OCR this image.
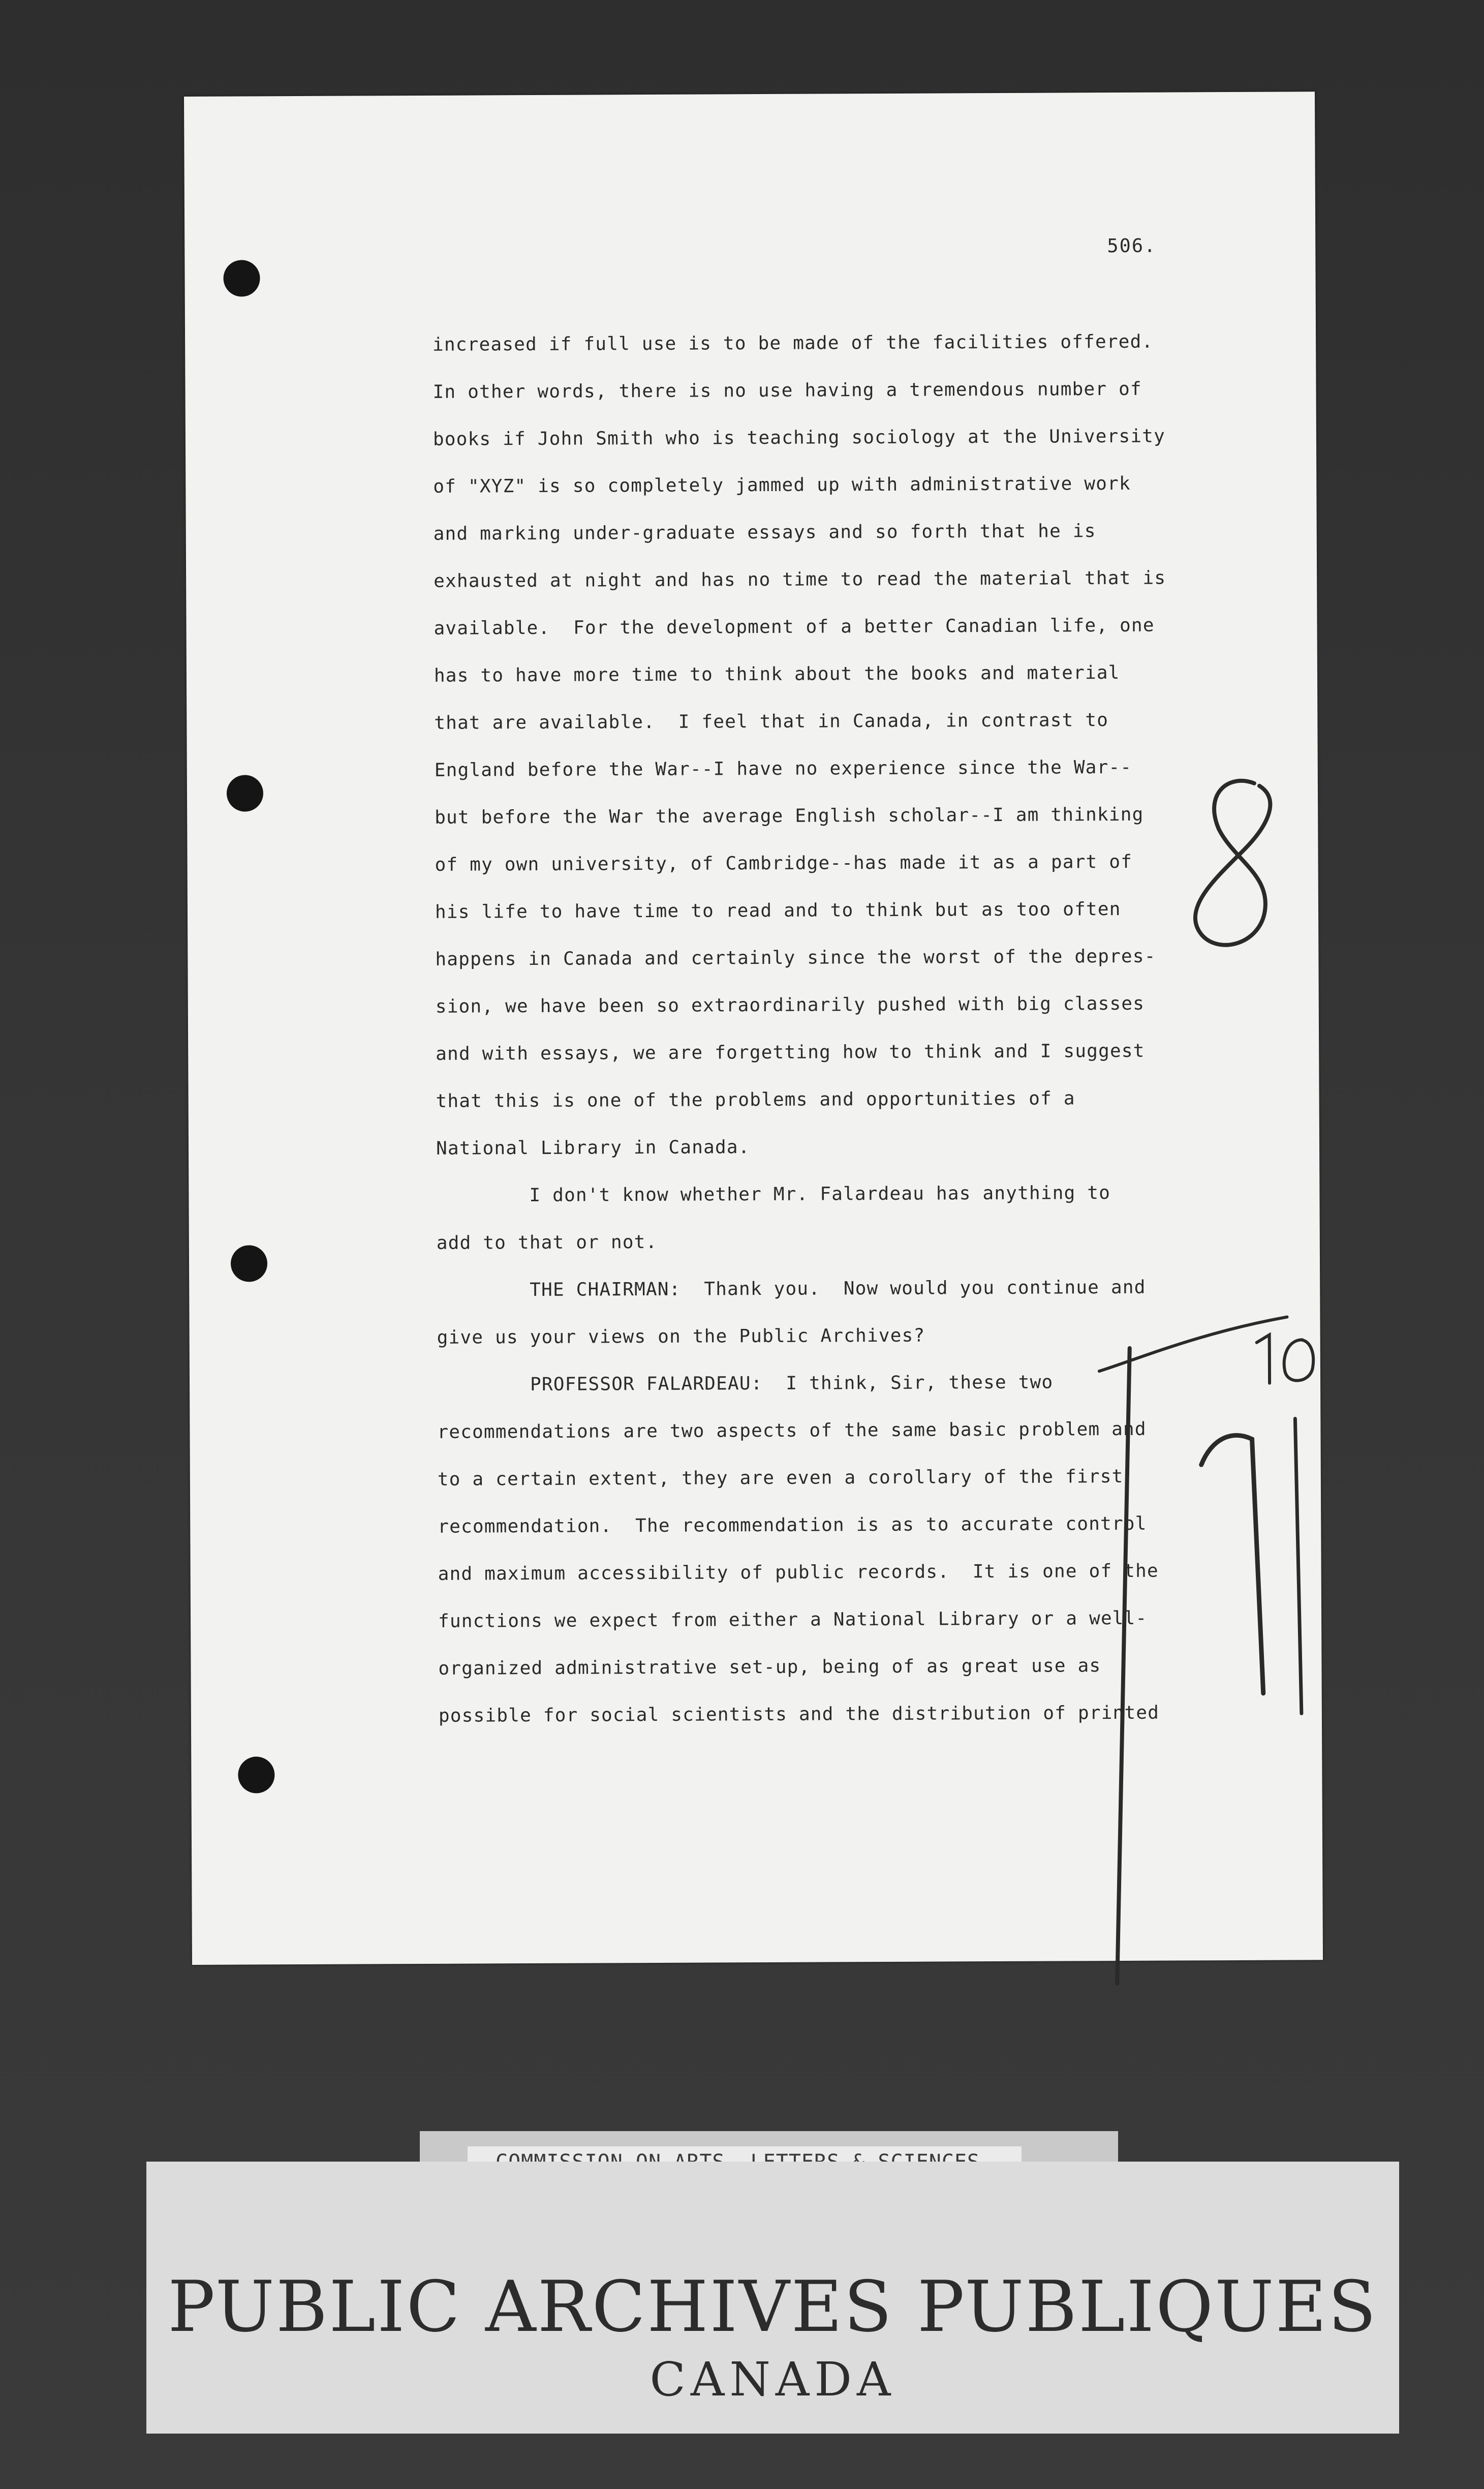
506.
increased if full use is to be made of the facilities offered.
In other words, there is no use having a tremendous number of
books if John Smith who is teaching sociology at the University
of "XYZ" is so completely jammed up with administrative work
and marking under-graduate essays and so forth that he is
exhausted at night and has no time to read the material that is
available.  For the development of a better Canadian life, one
has to have more time to think about the books and material
that are available.  I feel that in Canada, in contrast to
England before the War--I have no experience since the War--
but before the War the average English scholar--I am thinking
of my own university, of Cambridge--has made it as a part of
his life to have time to read and to think but as too often
happens in Canada and certainly since the worst of the depres-
sion, we have been so extraordinarily pushed with big classes
and with essays, we are forgetting how to think and I suggest
that this is one of the problems and opportunities of a
National Library in Canada.
I don't know whether Mr. Falardeau has anything to
add to that or not.
THE CHAIRMAN:  Thank you.  Now would you continue and
give us your views on the Public Archives?
PROFESSOR FALARDEAU:  I think, Sir, these two
recommendations are two aspects of the same basic problem and
to a certain extent, they are even a corollary of the first
recommendation.  The recommendation is as to accurate control
and maximum accessibility of public records.  It is one of the
functions we expect from either a National Library or a well-
organized administrative set-up, being of as great use as
possible for social scientists and the distribution of printed
PUBLIC ARCHIVES PUBLIQUES
CANADA
